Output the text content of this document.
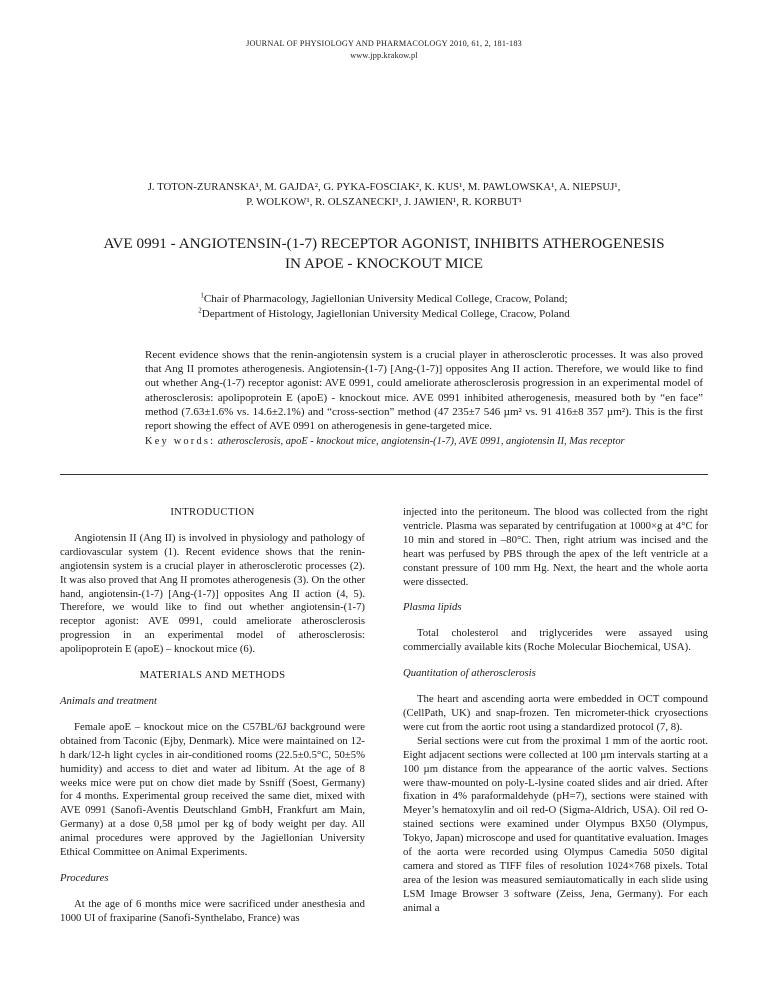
JOURNAL OF PHYSIOLOGY AND PHARMACOLOGY 2010, 61, 2, 181-183
www.jpp.krakow.pl
J. TOTON-ZURANSKA¹, M. GAJDA², G. PYKA-FOSCIAK², K. KUS¹, M. PAWLOWSKA¹, A. NIEPSUJ¹,
P. WOLKOW¹, R. OLSZANECKI¹, J. JAWIEN¹, R. KORBUT¹
AVE 0991 - ANGIOTENSIN-(1-7) RECEPTOR AGONIST, INHIBITS ATHEROGENESIS
IN APOE - KNOCKOUT MICE
$^1$Chair of Pharmacology, Jagiellonian University Medical College, Cracow, Poland;
$^2$Department of Histology, Jagiellonian University Medical College, Cracow, Poland
Recent evidence shows that the renin-angiotensin system is a crucial player in atherosclerotic processes. It was also proved that Ang II promotes atherogenesis. Angiotensin-(1-7) [Ang-(1-7)] opposites Ang II action. Therefore, we would like to find out whether Ang-(1-7) receptor agonist: AVE 0991, could ameliorate atherosclerosis progression in an experimental model of atherosclerosis: apolipoprotein E (apoE) - knockout mice. AVE 0991 inhibited atherogenesis, measured both by “en face” method (7.63±1.6% vs. 14.6±2.1%) and “cross-section” method (47 235±7 546 µm² vs. 91 416±8 357 µm²). This is the first report showing the effect of AVE 0991 on atherogenesis in gene-targeted mice.
Key words: atherosclerosis, apoE - knockout mice, angiotensin-(1-7), AVE 0991, angiotensin II, Mas receptor
INTRODUCTION

Angiotensin II (Ang II) is involved in physiology and pathology of cardiovascular system (1). Recent evidence shows that the renin-angiotensin system is a crucial player in atherosclerotic processes (2). It was also proved that Ang II promotes atherogenesis (3). On the other hand, angiotensin-(1-7) [Ang-(1-7)] opposites Ang II action (4, 5). Therefore, we would like to find out whether angiotensin-(1-7) receptor agonist: AVE 0991, could ameliorate atherosclerosis progression in an experimental model of atherosclerosis: apolipoprotein E (apoE) – knockout mice (6).

MATERIALS AND METHODS
Animals and treatment

Female apoE – knockout mice on the C57BL/6J background were obtained from Taconic (Ejby, Denmark). Mice were maintained on 12-h dark/12-h light cycles in air-conditioned rooms (22.5±0.5°C, 50±5% humidity) and access to diet and water ad libitum. At the age of 8 weeks mice were put on chow diet made by Ssniff (Soest, Germany) for 4 months. Experimental group received the same diet, mixed with AVE 0991 (Sanofi-Aventis Deutschland GmbH, Frankfurt am Main, Germany) at a dose 0,58 µmol per kg of body weight per day. All animal procedures were approved by the Jagiellonian University Ethical Committee on Animal Experiments.

Procedures

At the age of 6 months mice were sacrificed under anesthesia and 1000 UI of fraxiparine (Sanofi-Synthelabo, France) was

injected into the peritoneum. The blood was collected from the right ventricle. Plasma was separated by centrifugation at 1000×g at 4°C for 10 min and stored in –80°C. Then, right atrium was incised and the heart was perfused by PBS through the apex of the left ventricle at a constant pressure of 100 mm Hg. Next, the heart and the whole aorta were dissected.

Plasma lipids

Total cholesterol and triglycerides were assayed using commercially available kits (Roche Molecular Biochemical, USA).

Quantitation of atherosclerosis

The heart and ascending aorta were embedded in OCT compound (CellPath, UK) and snap-frozen. Ten micrometer-thick cryosections were cut from the aortic root using a standardized protocol (7, 8).

Serial sections were cut from the proximal 1 mm of the aortic root. Eight adjacent sections were collected at 100 µm intervals starting at a 100 µm distance from the appearance of the aortic valves. Sections were thaw-mounted on poly-L-lysine coated slides and air dried. After fixation in 4% paraformaldehyde (pH=7), sections were stained with Meyer’s hematoxylin and oil red-O (Sigma-Aldrich, USA). Oil red O-stained sections were examined under Olympus BX50 (Olympus, Tokyo, Japan) microscope and used for quantitative evaluation. Images of the aorta were recorded using Olympus Camedia 5050 digital camera and stored as TIFF files of resolution 1024×768 pixels. Total area of the lesion was measured semiautomatically in each slide using LSM Image Browser 3 software (Zeiss, Jena, Germany). For each animal a
